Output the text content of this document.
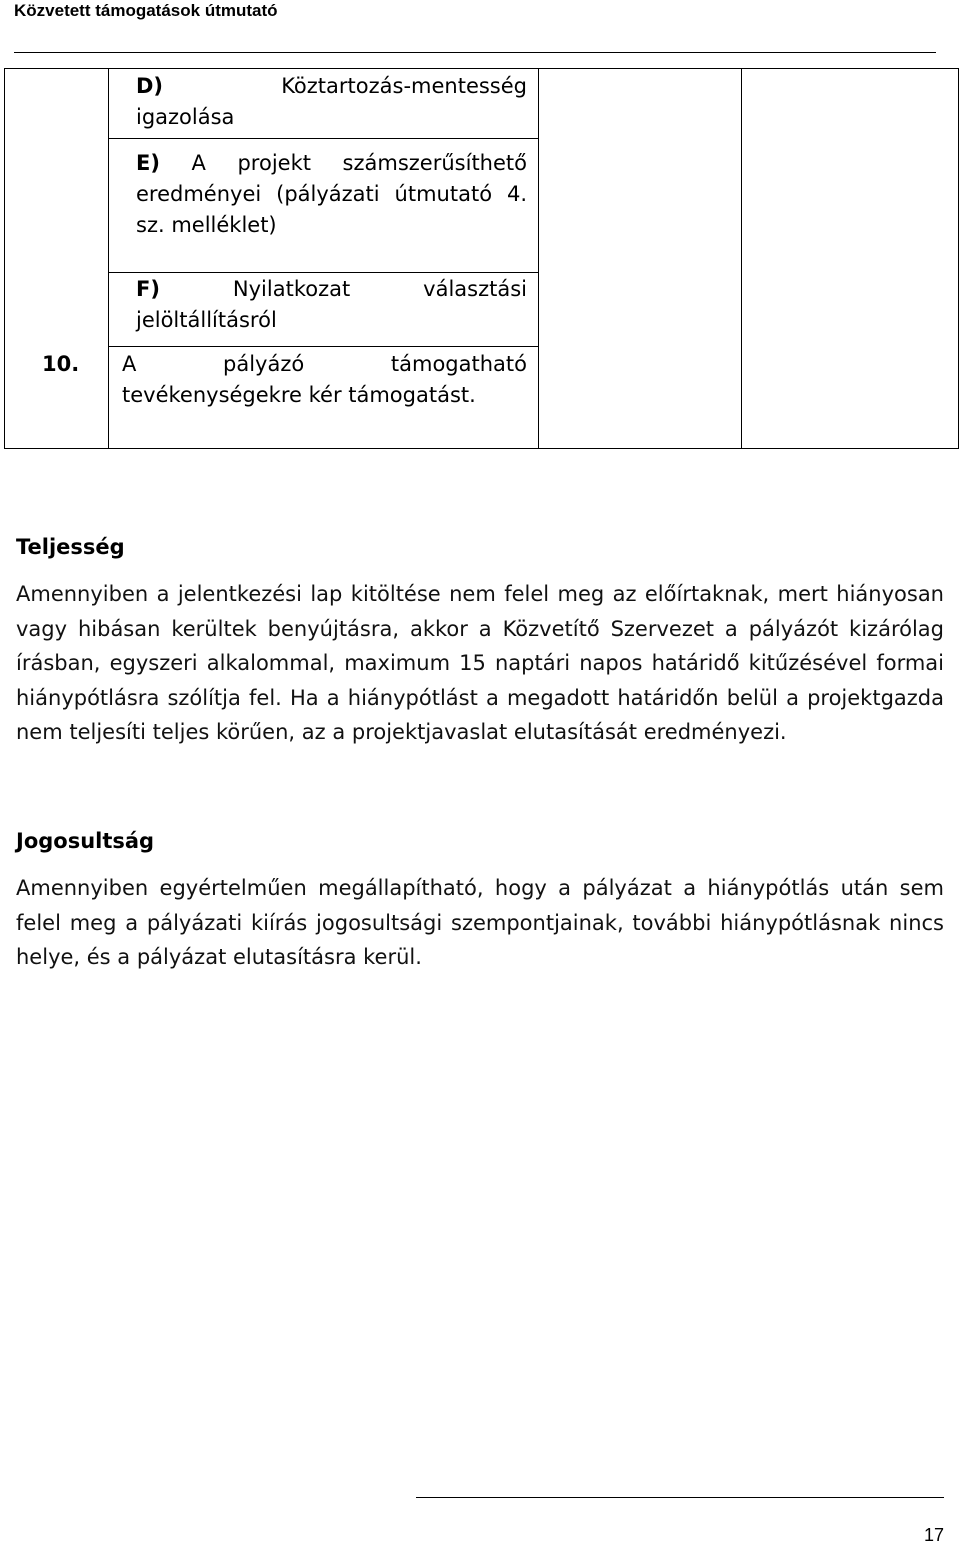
Közvetett támogatások útmutató
D)	Köztartozás-mentesség igazolása
E) A projekt számszerűsíthető eredményei (pályázati útmutató 4. sz. melléklet)
F)	Nyilatkozat választási jelöltállításról
10. A pályázó támogatható tevékenységekre kér támogatást.
Teljesség
Amennyiben a jelentkezési lap kitöltése nem felel meg az előírtaknak, mert hiányosan vagy hibásan kerültek benyújtásra, akkor a Közvetítő Szervezet a pályázót kizárólag írásban, egyszeri alkalommal, maximum 15 naptári napos határidő kitűzésével formai hiánypótlásra szólítja fel. Ha a hiánypótlást a megadott határidőn belül a projektgazda nem teljesíti teljes körűen, az a projektjavaslat elutasítását eredményezi.
Jogosultság
Amennyiben egyértelműen megállapítható, hogy a pályázat a hiánypótlás után sem felel meg a pályázati kiírás jogosultsági szempontjainak, további hiánypótlásnak nincs helye, és a pályázat elutasításra kerül.
17
